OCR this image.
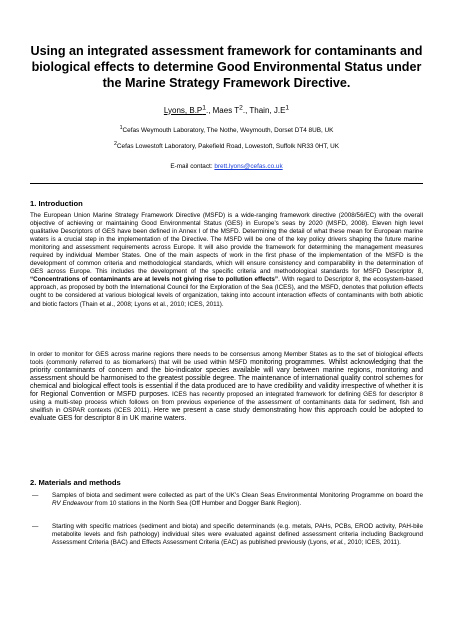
Using an integrated assessment framework for contaminants and biological effects to determine Good Environmental Status under the Marine Strategy Framework Directive.
Lyons, $B.P^1$., Maes $T^2$., Thain, $J.E^1$
$^1$Cefas Weymouth Laboratory, The Nothe, Weymouth, Dorset DT4 8UB, UK
$^2$Cefas Lowestoft Laboratory, Pakefield Road, Lowestoft, Suffolk NR33 0HT, UK
E-mail contact: brett.lyons@cefas.co.uk
1. Introduction
The European Union Marine Strategy Framework Directive (MSFD) is a wide-ranging framework directive (2008/56/EC) with the overall objective of achieving or maintaining Good Environmental Status (GES) in Europe’s seas by 2020 (MSFD, 2008). Eleven high level qualitative Descriptors of GES have been defined in Annex I of the MSFD. Determining the detail of what these mean for European marine waters is a crucial step in the implementation of the Directive. The MSFD will be one of the key policy drivers shaping the future marine monitoring and assessment requirements across Europe. It will also provide the framework for determining the management measures required by individual Member States. One of the main aspects of work in the first phase of the implementation of the MSFD is the development of common criteria and methodological standards, which will ensure consistency and comparability in the determination of GES across Europe. This includes the development of the specific criteria and methodological standards for MSFD Descriptor 8, “Concentrations of contaminants are at levels not giving rise to pollution effects”. With regard to Descriptor 8, the ecosystem-based approach, as proposed by both the International Council for the Exploration of the Sea (ICES), and the MSFD, denotes that pollution effects ought to be considered at various biological levels of organization, taking into account interaction effects of contaminants with both abiotic and biotic factors (Thain et al., 2008; Lyons et al., 2010; ICES, 2011).
In order to monitor for GES across marine regions there needs to be consensus among Member States as to the set of biological effects tools (commonly referred to as biomarkers) that will be used within MSFD monitoring programmes. Whilst acknowledging that the priority contaminants of concern and the bio-indicator species available will vary between marine regions, monitoring and assessment should be harmonised to the greatest possible degree. The maintenance of international quality control schemes for chemical and biological effect tools is essential if the data produced are to have credibility and validity irrespective of whether it is for Regional Convention or MSFD purposes. ICES has recently proposed an integrated framework for defining GES for descriptor 8 using a multi-step process which follows on from previous experience of the assessment of contaminants data for sediment, fish and shellfish in OSPAR contexts (ICES 2011). Here we present a case study demonstrating how this approach could be adopted to evaluate GES for descriptor 8 in UK marine waters.
2. Materials and methods
—	Samples of biota and sediment were collected as part of the UK’s Clean Seas Environmental Monitoring Programme on board the RV Endeavour from 10 stations in the North Sea (Off Humber and Dogger Bank Region).
—	Starting with specific matrices (sediment and biota) and specific determinands (e.g. metals, PAHs, PCBs, EROD activity, PAH-bile metabolite levels and fish pathology) individual sites were evaluated against defined assessment criteria including Background Assessment Criteria (BAC) and Effects Assessment Criteria (EAC) as published previously (Lyons, et al., 2010; ICES, 2011).
